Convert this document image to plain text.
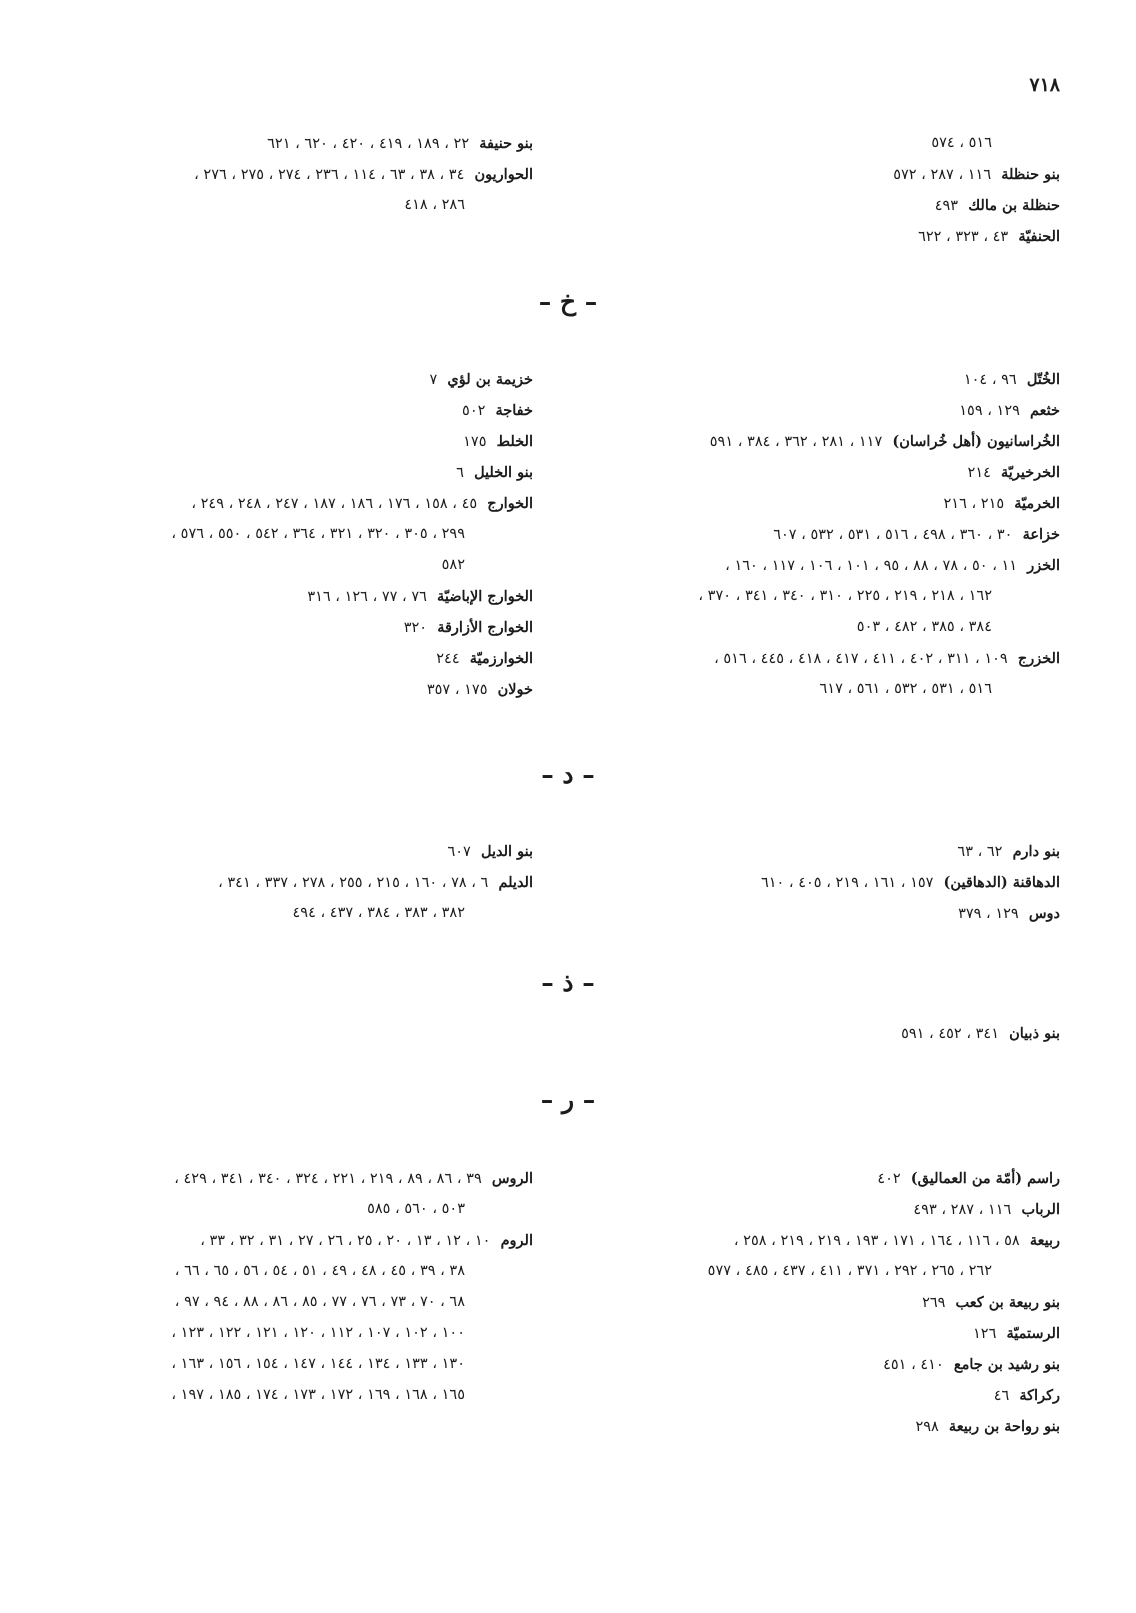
٧١٨
٥١٦ ، ٥٧٤
بنو حنظلة١١٦ ، ٢٨٧ ، ٥٧٢
حنظلة بن مالك٤٩٣
الحنفيّة٤٣ ، ٣٢٣ ، ٦٢٢
بنو حنيفة٢٢ ، ١٨٩ ، ٤١٩ ، ٤٢٠ ، ٦٢٠ ، ٦٢١
الحواريون٣٤ ، ٣٨ ، ٦٣ ، ١١٤ ، ٢٣٦ ، ٢٧٤ ، ٢٧٥ ، ٢٧٦ ،
٢٨٦ ، ٤١٨
– خ –
الخُتّل٩٦ ، ١٠٤
خثعم١٢٩ ، ١٥٩
الخُراسانيون (أهل خُراسان)١١٧ ، ٢٨١ ، ٣٦٢ ، ٣٨٤ ، ٥٩١
الخرخيريّة٢١٤
الخرميّة٢١٥ ، ٢١٦
خزاعة٣٠ ، ٣٦٠ ، ٤٩٨ ، ٥١٦ ، ٥٣١ ، ٥٣٢ ، ٦٠٧
الخزر١١ ، ٥٠ ، ٧٨ ، ٨٨ ، ٩٥ ، ١٠١ ، ١٠٦ ، ١١٧ ، ١٦٠ ،
١٦٢ ، ٢١٨ ، ٢١٩ ، ٢٢٥ ، ٣١٠ ، ٣٤٠ ، ٣٤١ ، ٣٧٠ ،
٣٨٤ ، ٣٨٥ ، ٤٨٢ ، ٥٠٣
الخزرج١٠٩ ، ٣١١ ، ٤٠٢ ، ٤١١ ، ٤١٧ ، ٤١٨ ، ٤٤٥ ، ٥١٦ ،
٥١٦ ، ٥٣١ ، ٥٣٢ ، ٥٦١ ، ٦١٧
خزيمة بن لؤي٧
خفاجة٥٠٢
الخلط١٧٥
بنو الخليل٦
الخوارج٤٥ ، ١٥٨ ، ١٧٦ ، ١٨٦ ، ١٨٧ ، ٢٤٧ ، ٢٤٨ ، ٢٤٩ ،
٢٩٩ ، ٣٠٥ ، ٣٢٠ ، ٣٢١ ، ٣٦٤ ، ٥٤٢ ، ٥٥٠ ، ٥٧٦ ،
٥٨٢
الخوارج الإباضيّة٧٦ ، ٧٧ ، ١٢٦ ، ٣١٦
الخوارج الأزارقة٣٢٠
الخوارزميّة٢٤٤
خولان١٧٥ ، ٣٥٧
– د –
بنو دارم٦٢ ، ٦٣
الدهاقنة (الدهاقين)١٥٧ ، ١٦١ ، ٢١٩ ، ٤٠٥ ، ٦١٠
دوس١٢٩ ، ٣٧٩
بنو الديل٦٠٧
الديلم٦ ، ٧٨ ، ١٦٠ ، ٢١٥ ، ٢٥٥ ، ٢٧٨ ، ٣٣٧ ، ٣٤١ ،
٣٨٢ ، ٣٨٣ ، ٣٨٤ ، ٤٣٧ ، ٤٩٤
– ذ –
بنو ذبيان٣٤١ ، ٤٥٢ ، ٥٩١
– ر –
راسم (أمّة من العماليق)٤٠٢
الرباب١١٦ ، ٢٨٧ ، ٤٩٣
ربيعة٥٨ ، ١١٦ ، ١٦٤ ، ١٧١ ، ١٩٣ ، ٢١٩ ، ٢١٩ ، ٢٥٨ ،
٢٦٢ ، ٢٦٥ ، ٢٩٢ ، ٣٧١ ، ٤١١ ، ٤٣٧ ، ٤٨٥ ، ٥٧٧
بنو ربيعة بن كعب٢٦٩
الرستميّة١٢٦
بنو رشيد بن جامع٤١٠ ، ٤٥١
ركراكة٤٦
بنو رواحة بن ربيعة٢٩٨
الروس٣٩ ، ٨٦ ، ٨٩ ، ٢١٩ ، ٢٢١ ، ٣٢٤ ، ٣٤٠ ، ٣٤١ ، ٤٢٩ ،
٥٠٣ ، ٥٦٠ ، ٥٨٥
الروم١٠ ، ١٢ ، ١٣ ، ٢٠ ، ٢٥ ، ٢٦ ، ٢٧ ، ٣١ ، ٣٢ ، ٣٣ ،
٣٨ ، ٣٩ ، ٤٥ ، ٤٨ ، ٤٩ ، ٥١ ، ٥٤ ، ٥٦ ، ٦٥ ، ٦٦ ،
٦٨ ، ٧٠ ، ٧٣ ، ٧٦ ، ٧٧ ، ٨٥ ، ٨٦ ، ٨٨ ، ٩٤ ، ٩٧ ،
١٠٠ ، ١٠٢ ، ١٠٧ ، ١١٢ ، ١٢٠ ، ١٢١ ، ١٢٢ ، ١٢٣ ،
١٣٠ ، ١٣٣ ، ١٣٤ ، ١٤٤ ، ١٤٧ ، ١٥٤ ، ١٥٦ ، ١٦٣ ،
١٦٥ ، ١٦٨ ، ١٦٩ ، ١٧٢ ، ١٧٣ ، ١٧٤ ، ١٨٥ ، ١٩٧ ،
